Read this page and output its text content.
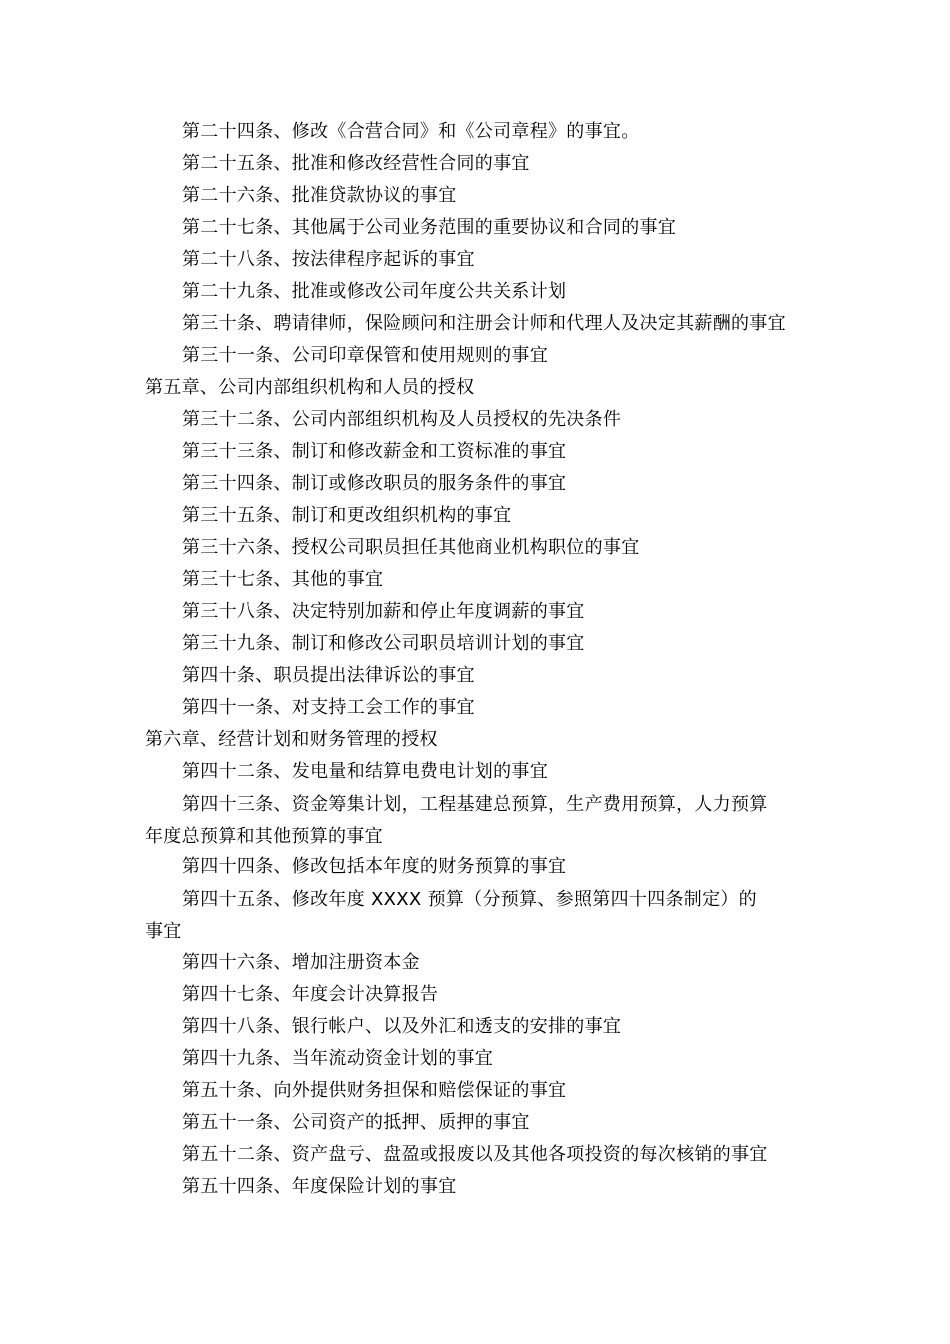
第二十四条、修改《合营合同》和《公司章程》的事宜。
第二十五条、批准和修改经营性合同的事宜
第二十六条、批准贷款协议的事宜
第二十七条、其他属于公司业务范围的重要协议和合同的事宜
第二十八条、按法律程序起诉的事宜
第二十九条、批准或修改公司年度公共关系计划
第三十条、聘请律师，保险顾问和注册会计师和代理人及决定其薪酬的事宜
第三十一条、公司印章保管和使用规则的事宜
第五章、公司内部组织机构和人员的授权
第三十二条、公司内部组织机构及人员授权的先决条件
第三十三条、制订和修改薪金和工资标准的事宜
第三十四条、制订或修改职员的服务条件的事宜
第三十五条、制订和更改组织机构的事宜
第三十六条、授权公司职员担任其他商业机构职位的事宜
第三十七条、其他的事宜
第三十八条、决定特别加薪和停止年度调薪的事宜
第三十九条、制订和修改公司职员培训计划的事宜
第四十条、职员提出法律诉讼的事宜
第四十一条、对支持工会工作的事宜
第六章、经营计划和财务管理的授权
第四十二条、发电量和结算电费电计划的事宜
第四十三条、资金筹集计划，工程基建总预算，生产费用预算，人力预算年度总预算和其他预算的事宜
第四十四条、修改包括本年度的财务预算的事宜
第四十五条、修改年度 XXXX 预算（分预算、参照第四十四条制定）的事宜
第四十六条、增加注册资本金
第四十七条、年度会计决算报告
第四十八条、银行帐户、以及外汇和透支的安排的事宜
第四十九条、当年流动资金计划的事宜
第五十条、向外提供财务担保和赔偿保证的事宜
第五十一条、公司资产的抵押、质押的事宜
第五十二条、资产盘亏、盘盈或报废以及其他各项投资的每次核销的事宜
第五十四条、年度保险计划的事宜
